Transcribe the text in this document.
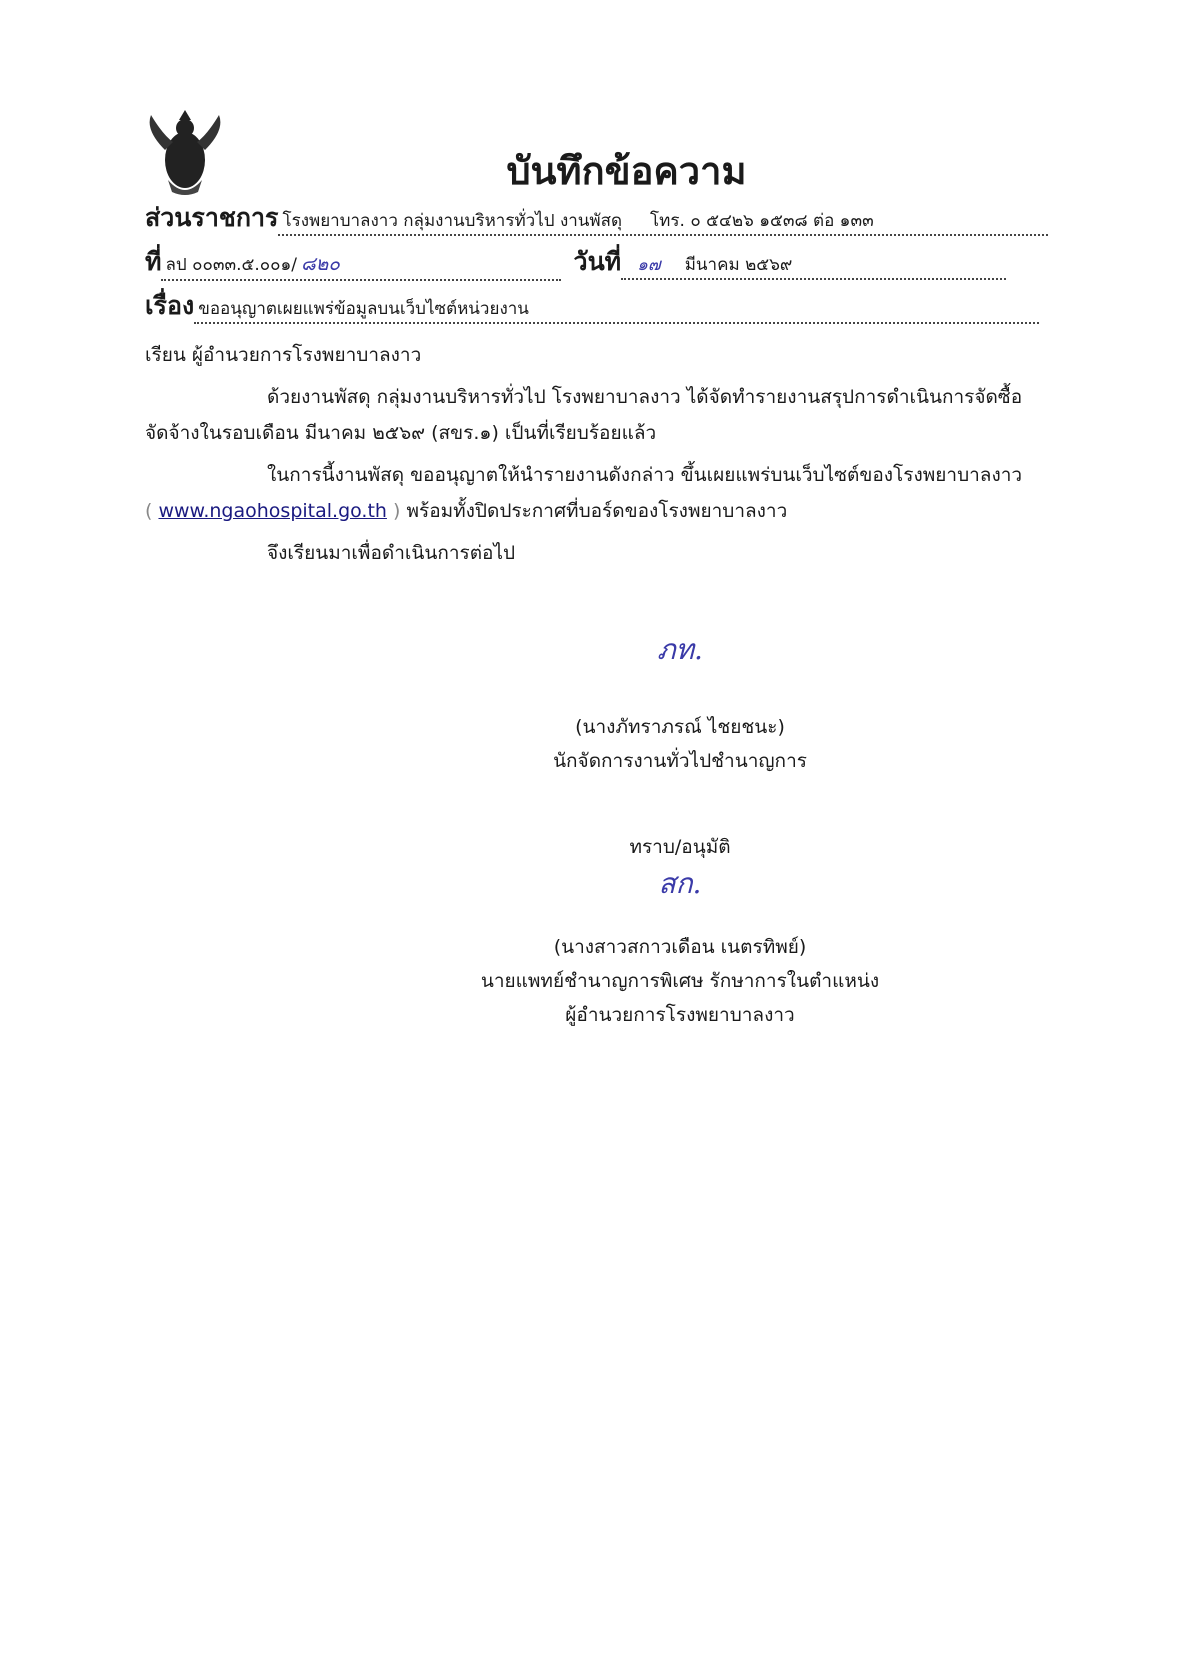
บันทึกข้อความ
ส่วนราชการ โรงพยาบาลงาว กลุ่มงานบริหารทั่วไป งานพัสดุ โทร. ๐ ๕๔๒๖ ๑๕๓๘ ต่อ ๑๓๓
ที่ ลป ๐๐๓๓.๕.๐๐๑/ ๘๒๐	วันที่ ๑๗ มีนาคม ๒๕๖๙
เรื่อง ขออนุญาตเผยแพร่ข้อมูลบนเว็บไซต์หน่วยงาน
เรียน ผู้อำนวยการโรงพยาบาลงาว
ด้วยงานพัสดุ กลุ่มงานบริหารทั่วไป โรงพยาบาลงาว ได้จัดทำรายงานสรุปการดำเนินการจัดซื้อ
จัดจ้างในรอบเดือน มีนาคม ๒๕๖๙ (สขร.๑) เป็นที่เรียบร้อยแล้ว
ในการนี้งานพัสดุ ขออนุญาตให้นำรายงานดังกล่าว ขึ้นเผยแพร่บนเว็บไซต์ของโรงพยาบาลงาว
( www.ngaohospital.go.th ) พร้อมทั้งปิดประกาศที่บอร์ดของโรงพยาบาลงาว
จึงเรียนมาเพื่อดำเนินการต่อไป
ภท.
(นางภัทราภรณ์ ไชยชนะ)
นักจัดการงานทั่วไปชำนาญการ
ทราบ/อนุมัติ
สก.
(นางสาวสกาวเดือน เนตรทิพย์)
นายแพทย์ชำนาญการพิเศษ รักษาการในตำแหน่ง
ผู้อำนวยการโรงพยาบาลงาว
